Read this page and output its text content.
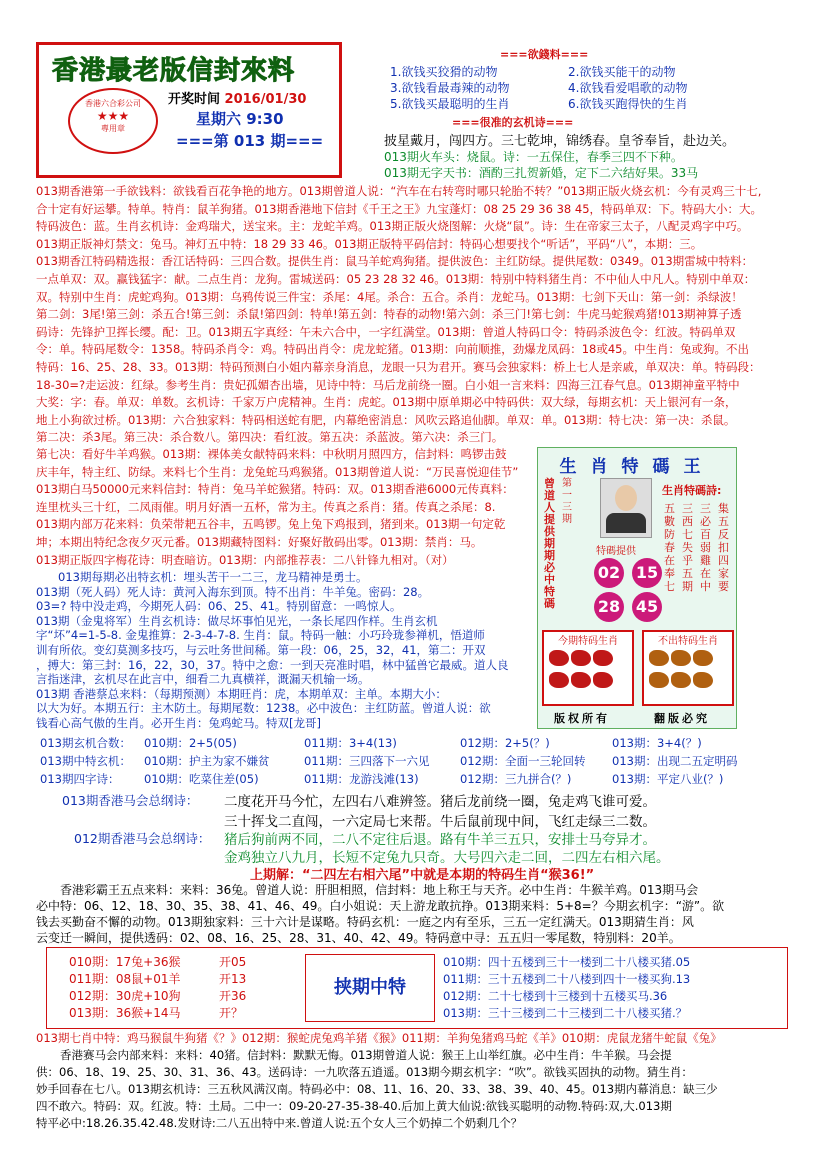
香港最老版信封來料
开奖时间 2016/01/30
星期六 9:30
===第 013 期===
香港六合彩公司
★★★
專用章
===欲錢料===
1.欲钱买狡猾的动物	2.欲钱买能干的动物
3.欲钱看最毒辣的动物	4.欲钱看爱唱歌的动物
5.欲钱买最聪明的生肖	6.欲钱买跑得快的生肖
===很准的玄机诗===
披星戴月，闯四方。三七乾坤，锦绣春。皇爷奉旨，赴边关。
013期火车头：烧鼠。诗：一五保住，春季三四不下种。
013期无字天书：酒酌三扎贺新婚，定下二六结好果。33马
013期香港第一手欲钱料：欲钱看百花争艳的地方。013期曾道人说：“汽车在右转弯时哪只轮胎不转？”013期正版火烧玄机：今有灵鸡三十七,
合十定有好运攀。特单。特肖：鼠羊狗猪。013期香港地下信封《千王之王》九宝蓬灯：08 25 29 36 38 45，特码单双：下。特码大小：大。
特码波色：蓝。生肖玄机诗：金鸡瑞犬，送宝来。主：龙蛇羊鸡。013期正版火烧图解：火烧“鼠”。诗：生在帝家三太子，八配灵鸡字中巧。
013期正版神灯禁文：兔马。神灯五中特：18 29 33 46。013期正版特平码信封：特码心想要找个“听话”，平码“八”，本期：三。
013期香江特码精选报：香江话特码：三四合数。提供生肖：鼠马羊蛇鸡狗猪。提供波色：主红防绿。提供尾数：0349。013期雷城中特料：
一点单双：双。赢钱猛字：献。二点生肖：龙狗。雷城送码：05 23 28 32 46。013期：特别中特料猪生肖：不中仙人中凡人。特别中单双：
双。特别中生肖：虎蛇鸡狗。013期：乌鸦传说三件宝：杀尾：4尾。杀合：五合。杀肖：龙蛇马。013期：七剑下天山：第一剑：杀绿波！
第二剑：3尾!第三剑：杀五合!第三剑：杀鼠!第四剑：特单!第五剑：特春的动物!第六剑：杀三门!第七剑：牛虎马蛇猴鸡猪!013期神算子透
码诗：先锋护卫挥长缨。配：卫。013期五字真经：午未六合中，一字红满堂。013期：曾道人特码口令：特码杀波色令：红波。特码单双
令：单。特码尾数令：1358。特码杀肖令：鸡。特码出肖令：虎龙蛇猪。013期：向前顺推，劲爆龙凤码：18或45。中生肖：兔或狗。不出
特码：16、25、28、33。013期：特码预测白小姐内幕亲身消息，龙眼一只为君开。赛马会独家料：桥上七人是亲戚，单双决：单。特码段：
18-30=?走运波：红绿。参考生肖：贵妃孤媚杏出墙，见诗中特：马后龙前绕一圈。白小姐一言来料：四海三江春气息。013期神童平特中
大奖：字：春。单双：单数。玄机诗：千家万户虎精神。生肖：虎蛇。013期中原单期必中特码供：双大绿，每期玄机：天上银河有一条，
地上小狗欲过桥。013期：六合独家料：特码相送蛇有肥，内幕绝密消息：风吹云路追仙脚。单双：单。013期：特七决：第一决：杀鼠。
第二决：杀3尾。第三决：杀合数八。第四决：看红波。第五决：杀蓝波。第六决：杀三门。
第七决：看好牛羊鸡猴。013期：裸体美女献特码来料：中秋明月照四方，信封料：鸣锣击鼓
庆丰年，特主红、防绿。来料七个生肖：龙兔蛇马鸡猴猪。013期曾道人说：“万民喜悦迎佳节”
013期白马50000元来料信封：特肖：兔马羊蛇猴猪。特码：双。013期香港6000元传真料：
连里枕头三十红，二凤雨催。明月好酒一五杯，常为主。传真之系肖：猪。传真之杀尾：8.
013期内部万花来料：负荣带耙五谷丰，五鸣锣。兔上兔下鸡报到，猪到来。013期一句定乾
坤；本期出特纪念夜夕灭元番。013期藏特图料：好聚好散码出零。013期：禁肖：马。
013期正版四字梅花诗：明查暗访。013期：内部推荐表：二八针锋九相对。（对）
013期每期必出特玄机：埋头苦干一二三，龙马精神是勇士。
013期（死人码）死人诗：黄河入海东到顶。特不出肖：牛羊兔。密码：28。
03=? 特中没走鸡，今期死人码：06、25、41。特别留意：一鸣惊人。
013期（金鬼将军）生肖玄机诗：做尽坏事怕见光，一条长尾四作样。生肖玄机
字“坏”4=1-5-8. 金鬼推算：2-3-4-7-8. 生肖：鼠。特码一触：小巧玲珑参禅机，悟道师
训有所依。变幻莫测多技巧，与云吐务世间稀。第一段：06，25，32，41，第二：开双
，搏大：第三封：16，22，30，37。特中之愈：一到天亮准时唱，林中猛兽它最威。道人良
言指迷津，玄机尽在此言中，细看二九真横祥，溉漏天机输一场。
013期 香港蔡总来料：（每期预测）本期旺肖：虎，本期单双：主单。本期大小：
以大为好。本期五行：主木防土。每期尾数：1238。必中波色：主红防蓝。曾道人说：欲
钱看心高气傲的生肖。必开生肖：兔鸡蛇马。特双[龙哥]
生肖特碼王
曾道人提供期期必中特碼
第一三期
生肖特碼詩:
五數防春在奉七
三西七失乎五期
三必百弱雞在中
集五反扣四家要
特碼提供
02 15
28 45
今期特码生肖	不出特码生肖
版权所有	翻版必究
013期玄机合数： 010期：2+5(05)	011期：3+4(13)	012期：2+5(？)	013期：3+4(？)
013期中特玄机： 010期：护主为家不嫌贫	011期：三四落下一六见	012期：全面一三轮回转 013期：出现二五定明码
013期四字诗： 010期：吃菜住差(05)	011期：龙游浅滩(13)	012期：三九拼合(？)	013期：平定八业(？)
013期香港马会总纲诗： 二度花开马今忙，左四右八难辨签。猪后龙前绕一圈，兔走鸡飞谁可爱。
三十挥戈二直闯，一六定局七来帮。牛后鼠前现中间，飞红走绿三二数。
012期香港马会总纲诗： 猪后狗前两不同，二八不定往后退。路有牛羊三五只，安排士马夸异才。
金鸡独立八九月，长短不定兔九只奇。大号四六走二回，二四左右相六尾。
上期解：“二四左右相六尾”中就是本期的特码生肖“猴36!”
香港彩霸王五点来料：来料：36兔。曾道人说：肝胆相照，信封料：地上称王与天齐。必中生肖：牛猴羊鸡。013期马会
必中特：06、12、18、30、35、38、41、46、49。白小姐说：天上游龙敢抗挣。013期来料：5+8=？今期玄机字：“游”。欲
钱去买勤奋不懈的动物。013期独家料：三十六计是谋略。特码玄机：一庭之内有至乐，三五一定红满天。013期猜生肖：风
云变迁一瞬间，提供透码：02、08、16、25、28、31、40、42、49。特码意中寻：五五归一零尾数，特别料：20羊。
010期：17兔+36猴	开05
011期：08鼠+01羊	开13
012期：30虎+10狗	开36
013期：36猴+14马	开？
挟期中特
010期：四十五楼到三十一楼到二十八楼买猪.05
011期：三十五楼到二十八楼到四十一楼买狗.13
012期：二十七楼到十三楼到十五楼买马.36
013期：三十三楼到二十三楼到二十八楼买猪.？
013期七肖中特：鸡马猴鼠牛狗猪《？》012期：猴蛇虎兔鸡羊猪《猴》011期：羊狗兔猪鸡马蛇《羊》010期：虎鼠龙猪牛蛇鼠《兔》
香港赛马会内部来料：来料：40猪。信封料：默默无悔。013期曾道人说：猴王上山举红旗。必中生肖：牛羊猴。马会提
供：06、18、19、25、30、31、36、43。送码诗：一九吹落五逍遥。013期今期玄机字：“吹”。欲钱买固执的动物。猜生肖：
妙手回春在七八。013期玄机诗：三五秋风满汉南。特码必中：08、11、16、20、33、38、39、40、45。013期内幕消息：缺三少
四不敢六。特码：双。红波。特：土局。二中一：09-20-27-35-38-40.后加上黄大仙说:欲钱买聪明的动物.特码:双,大.013期
特平必中:18.26.35.42.48.发财诗:二八五出特中来.曾道人说:五个女人三个奶掉二个奶剩几个？
